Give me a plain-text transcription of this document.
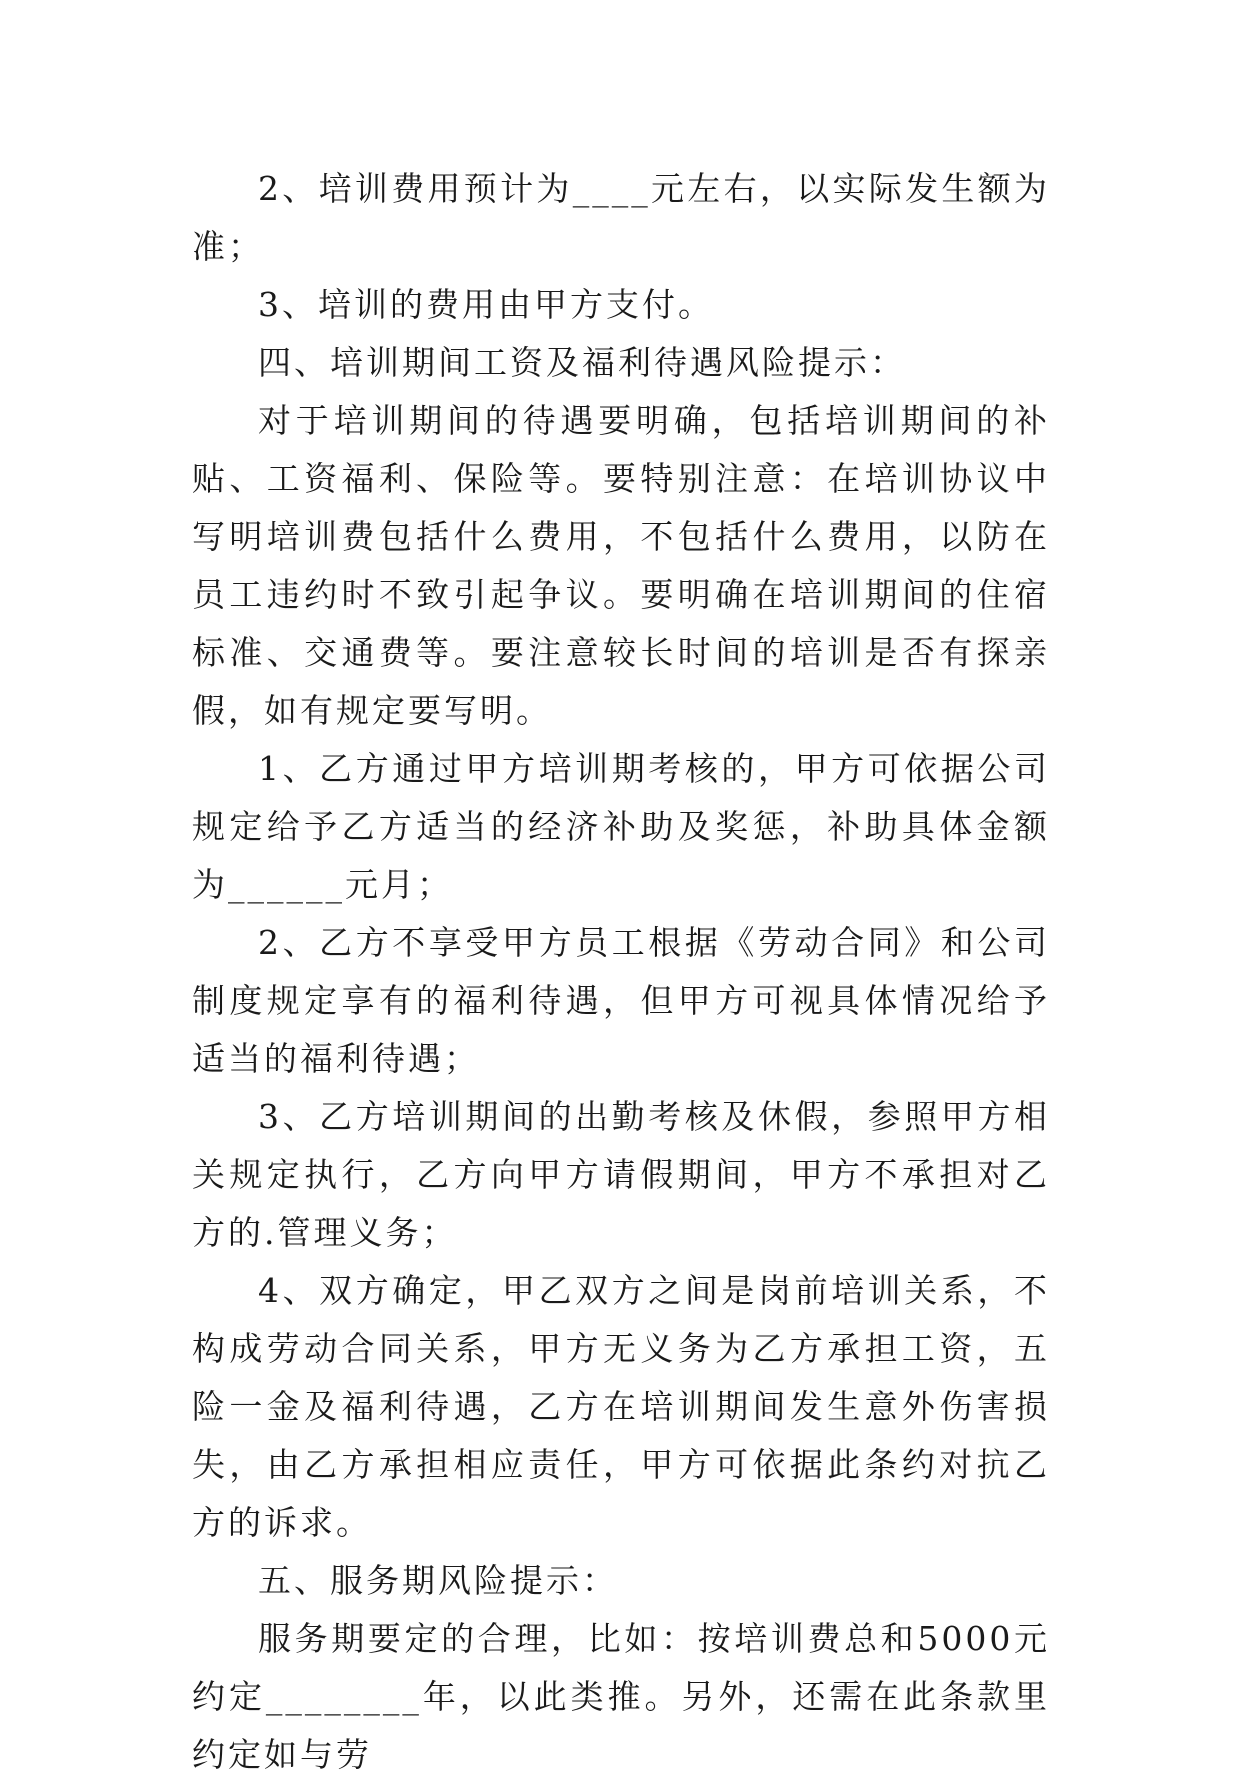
2、培训费用预计为____元左右，以实际发生额为准；

3、培训的费用由甲方支付。

四、培训期间工资及福利待遇风险提示：

对于培训期间的待遇要明确，包括培训期间的补贴、工资福利、保险等。要特别注意：在培训协议中写明培训费包括什么费用，不包括什么费用，以防在员工违约时不致引起争议。要明确在培训期间的住宿标准、交通费等。要注意较长时间的培训是否有探亲假，如有规定要写明。

1、乙方通过甲方培训期考核的，甲方可依据公司规定给予乙方适当的经济补助及奖惩，补助具体金额为______元月；

2、乙方不享受甲方员工根据《劳动合同》和公司制度规定享有的福利待遇，但甲方可视具体情况给予适当的福利待遇；

3、乙方培训期间的出勤考核及休假，参照甲方相关规定执行，乙方向甲方请假期间，甲方不承担对乙方的.管理义务；

4、双方确定，甲乙双方之间是岗前培训关系，不构成劳动合同关系，甲方无义务为乙方承担工资，五险一金及福利待遇，乙方在培训期间发生意外伤害损失，由乙方承担相应责任，甲方可依据此条约对抗乙方的诉求。

五、服务期风险提示：

服务期要定的合理，比如：按培训费总和5000元约定________年，以此类推。另外，还需在此条款里约定如与劳
